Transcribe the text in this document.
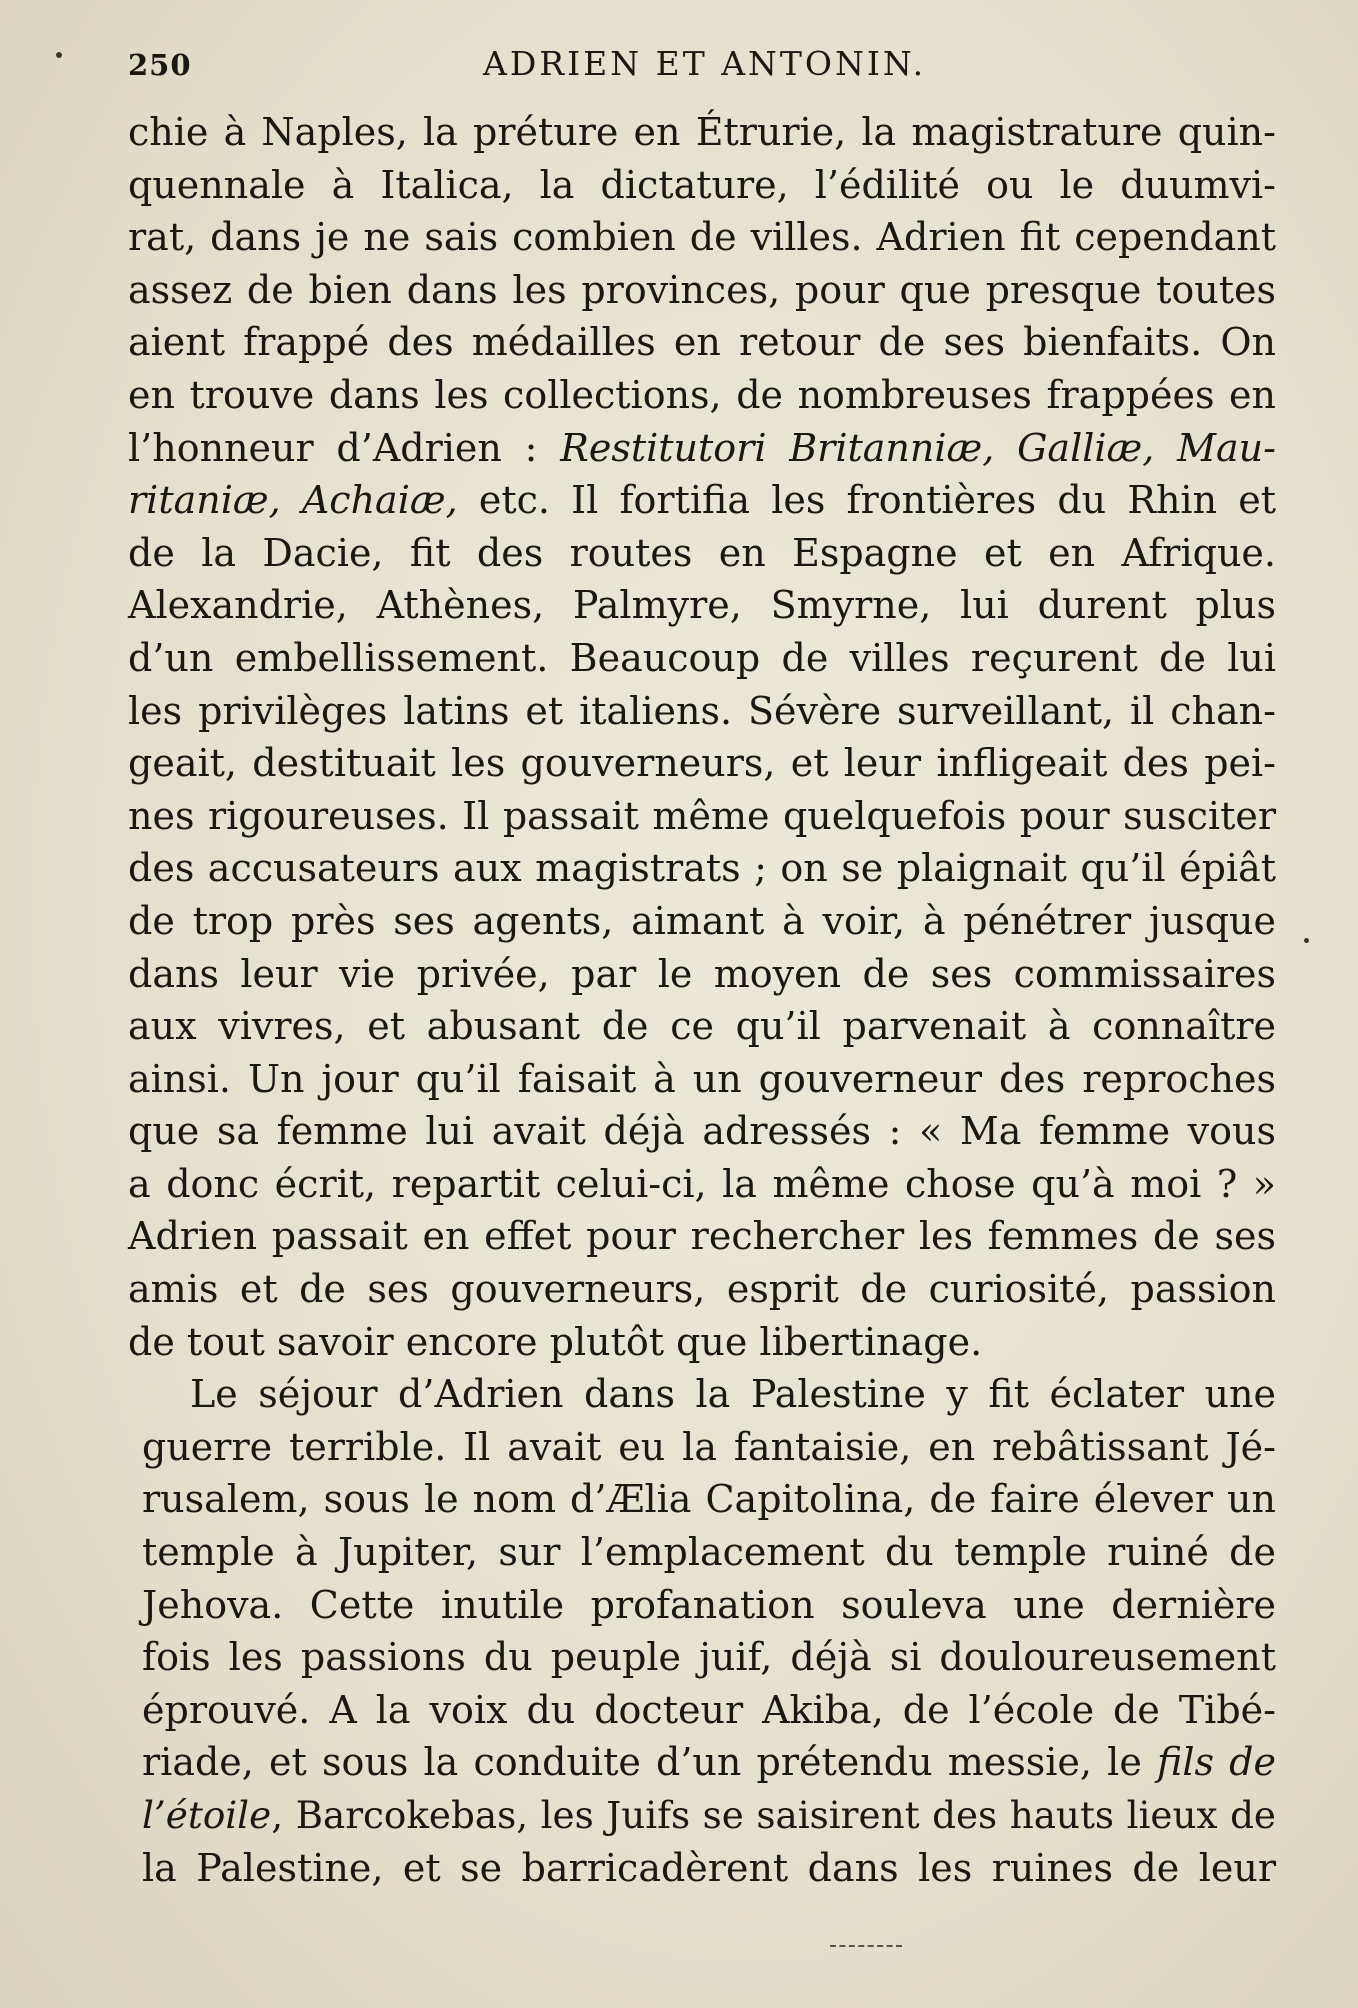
250	ADRIEN ET ANTONIN.
chie à Naples, la préture en Étrurie, la magistrature quin-
quennale à Italica, la dictature, l’édilité ou le duumvi-
rat, dans je ne sais combien de villes. Adrien fit cependant
assez de bien dans les provinces, pour que presque toutes
aient frappé des médailles en retour de ses bienfaits. On
en trouve dans les collections, de nombreuses frappées en
l’honneur d’Adrien : Restitutori Britanniæ, Galliæ, Mau-
ritaniæ, Achaiæ, etc. Il fortifia les frontières du Rhin et
de la Dacie, fit des routes en Espagne et en Afrique.
Alexandrie, Athènes, Palmyre, Smyrne, lui durent plus
d’un embellissement. Beaucoup de villes reçurent de lui
les privilèges latins et italiens. Sévère surveillant, il chan-
geait, destituait les gouverneurs, et leur infligeait des pei-
nes rigoureuses. Il passait même quelquefois pour susciter
des accusateurs aux magistrats ; on se plaignait qu’il épiât
de trop près ses agents, aimant à voir, à pénétrer jusque
dans leur vie privée, par le moyen de ses commissaires
aux vivres, et abusant de ce qu’il parvenait à connaître
ainsi. Un jour qu’il faisait à un gouverneur des reproches
que sa femme lui avait déjà adressés : « Ma femme vous
a donc écrit, repartit celui-ci, la même chose qu’à moi ? »
Adrien passait en effet pour rechercher les femmes de ses
amis et de ses gouverneurs, esprit de curiosité, passion
de tout savoir encore plutôt que libertinage.
Le séjour d’Adrien dans la Palestine y fit éclater une
guerre terrible. Il avait eu la fantaisie, en rebâtissant Jé-
rusalem, sous le nom d’Ælia Capitolina, de faire élever un
temple à Jupiter, sur l’emplacement du temple ruiné de
Jehova. Cette inutile profanation souleva une dernière
fois les passions du peuple juif, déjà si douloureusement
éprouvé. A la voix du docteur Akiba, de l’école de Tibé-
riade, et sous la conduite d’un prétendu messie, le fils de
l’étoile, Barcokebas, les Juifs se saisirent des hauts lieux de
la Palestine, et se barricadèrent dans les ruines de leur
